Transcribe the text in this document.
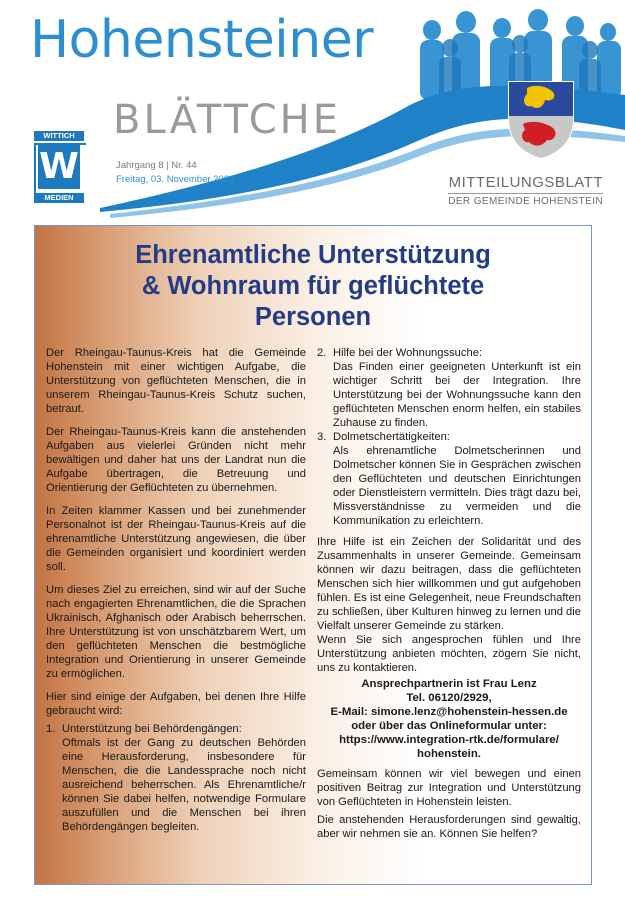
Hohensteiner
BLÄTTCHE
WITTICH
W
MEDIEN
Jahrgang 8 | Nr. 44
Freitag, 03. November 2023	MITTEILUNGSBLATT
DER GEMEINDE HOHENSTEIN
Ehrenamtliche Unterstützung
& Wohnraum für geflüchtete
Personen

Der Rheingau-Taunus-Kreis hat die Gemeinde Hohenstein mit einer wichtigen Aufgabe, die Unterstützung von geflüchteten Menschen, die in unserem Rheingau-Taunus-Kreis Schutz suchen, betraut.

Der Rheingau-Taunus-Kreis kann die anstehenden Aufgaben aus vielerlei Gründen nicht mehr bewältigen und daher hat uns der Landrat nun die Aufgabe übertragen, die Betreuung und Orientierung der Geflüchteten zu übernehmen.

In Zeiten klammer Kassen und bei zunehmender Personalnot ist der Rheingau-Taunus-Kreis auf die ehrenamtliche Unterstützung angewiesen, die über die Gemeinden organisiert und koordiniert werden soll.

Um dieses Ziel zu erreichen, sind wir auf der Suche nach engagierten Ehrenamtlichen, die die Sprachen Ukrainisch, Afghanisch oder Arabisch beherrschen. Ihre Unterstützung ist von unschätzbarem Wert, um den geflüchteten Menschen die bestmögliche Integration und Orientierung in unserer Gemeinde zu ermöglichen.

Hier sind einige der Aufgaben, bei denen Ihre Hilfe gebraucht wird:

1. Unterstützung bei Behördengängen:
Oftmals ist der Gang zu deutschen Behörden eine Herausforderung, insbesondere für Menschen, die die Landessprache noch nicht ausreichend beherrschen. Als Ehrenamtliche/r können Sie dabei helfen, notwendige Formulare auszufüllen und die Menschen bei ihren Behördengängen begleiten.
2. Hilfe bei der Wohnungssuche:
Das Finden einer geeigneten Unterkunft ist ein wichtiger Schritt bei der Integration. Ihre Unterstützung bei der Wohnungssuche kann den geflüchteten Menschen enorm helfen, ein stabiles Zuhause zu finden.
3. Dolmetschertätigkeiten:
Als ehrenamtliche Dolmetscherinnen und Dolmetscher können Sie in Gesprächen zwischen den Geflüchteten und deutschen Einrichtungen oder Dienstleistern vermitteln. Dies trägt dazu bei, Missverständnisse zu vermeiden und die Kommunikation zu erleichtern.

Ihre Hilfe ist ein Zeichen der Solidarität und des Zusammenhalts in unserer Gemeinde. Gemeinsam können wir dazu beitragen, dass die geflüchteten Menschen sich hier willkommen und gut aufgehoben fühlen. Es ist eine Gelegenheit, neue Freundschaften zu schließen, über Kulturen hinweg zu lernen und die Vielfalt unserer Gemeinde zu stärken.

Wenn Sie sich angesprochen fühlen und Ihre Unterstützung anbieten möchten, zögern Sie nicht, uns zu kontaktieren.

Ansprechpartnerin ist Frau Lenz
Tel. 06120/2929,
E-Mail: simone.lenz@hohenstein-hessen.de
oder über das Onlineformular unter:
https://www.integration-rtk.de/formulare/
hohenstein.

Gemeinsam können wir viel bewegen und einen positiven Beitrag zur Integration und Unterstützung von Geflüchteten in Hohenstein leisten.

Die anstehenden Herausforderungen sind gewaltig, aber wir nehmen sie an. Können Sie helfen?
